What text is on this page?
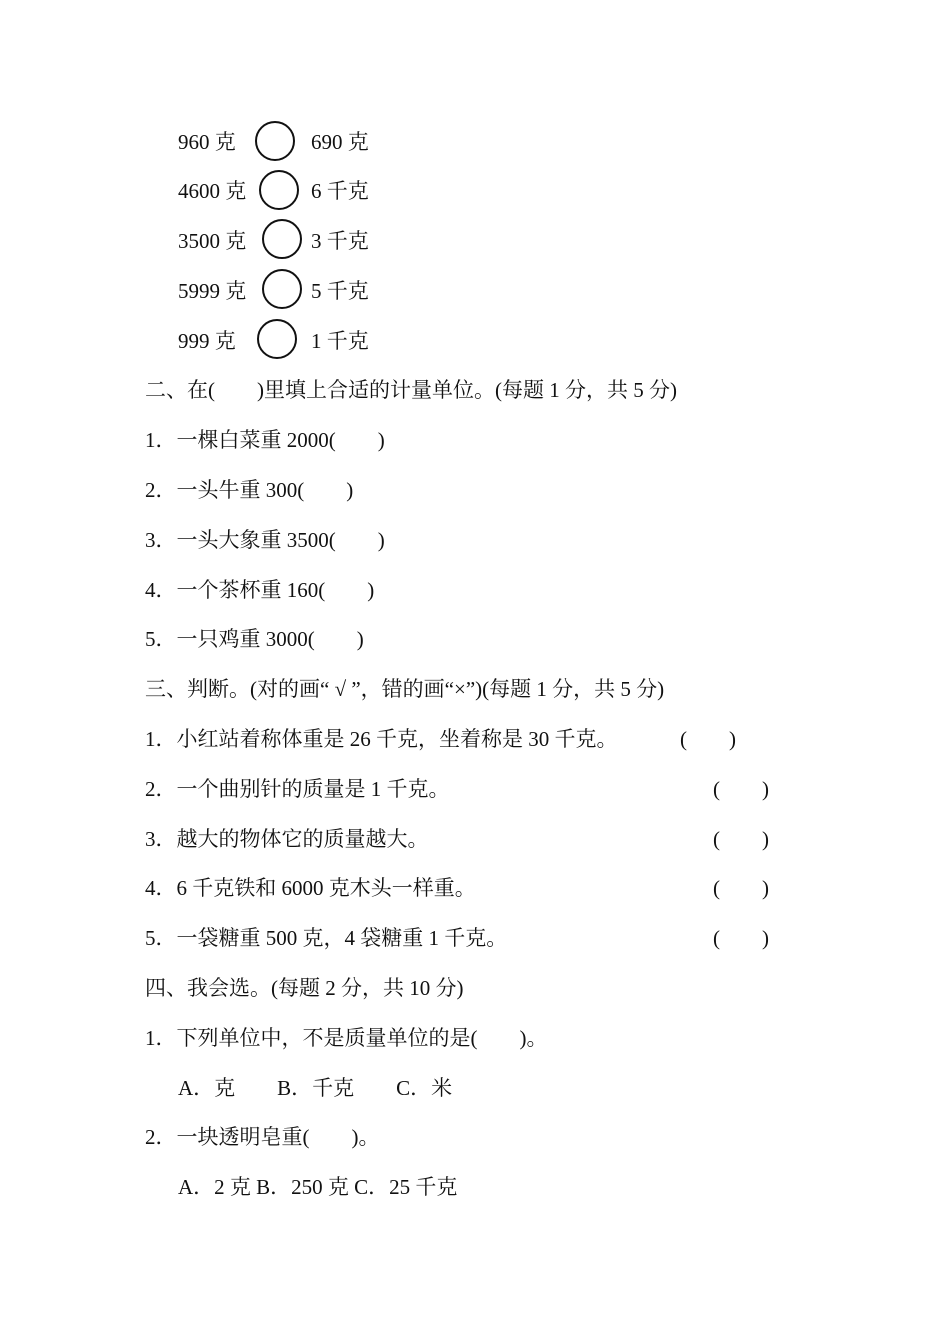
960 克	690 克
4600 克	6 千克
3500 克	3 千克
5999 克	5 千克
999 克	1 千克
二、在(　　)里填上合适的计量单位。(每题 1 分，共 5 分)
1．一棵白菜重 2000(　　)
2．一头牛重 300(　　)
3．一头大象重 3500(　　)
4．一个茶杯重 160(　　)
5．一只鸡重 3000(　　)
三、判断。(对的画“ √ ”，错的画“×”)(每题 1 分，共 5 分)
1．小红站着称体重是 26 千克，坐着称是 30 千克。	(　　)
2．一个曲别针的质量是 1 千克。	(　　)
3．越大的物体它的质量越大。	(　　)
4．6 千克铁和 6000 克木头一样重。	(　　)
5．一袋糖重 500 克，4 袋糖重 1 千克。	(　　)
四、我会选。(每题 2 分，共 10 分)
1．下列单位中，不是质量单位的是(　　)。
A．克　　B．千克　　C．米
2．一块透明皂重(　　)。
A．2 克 B．250 克 C．25 千克
